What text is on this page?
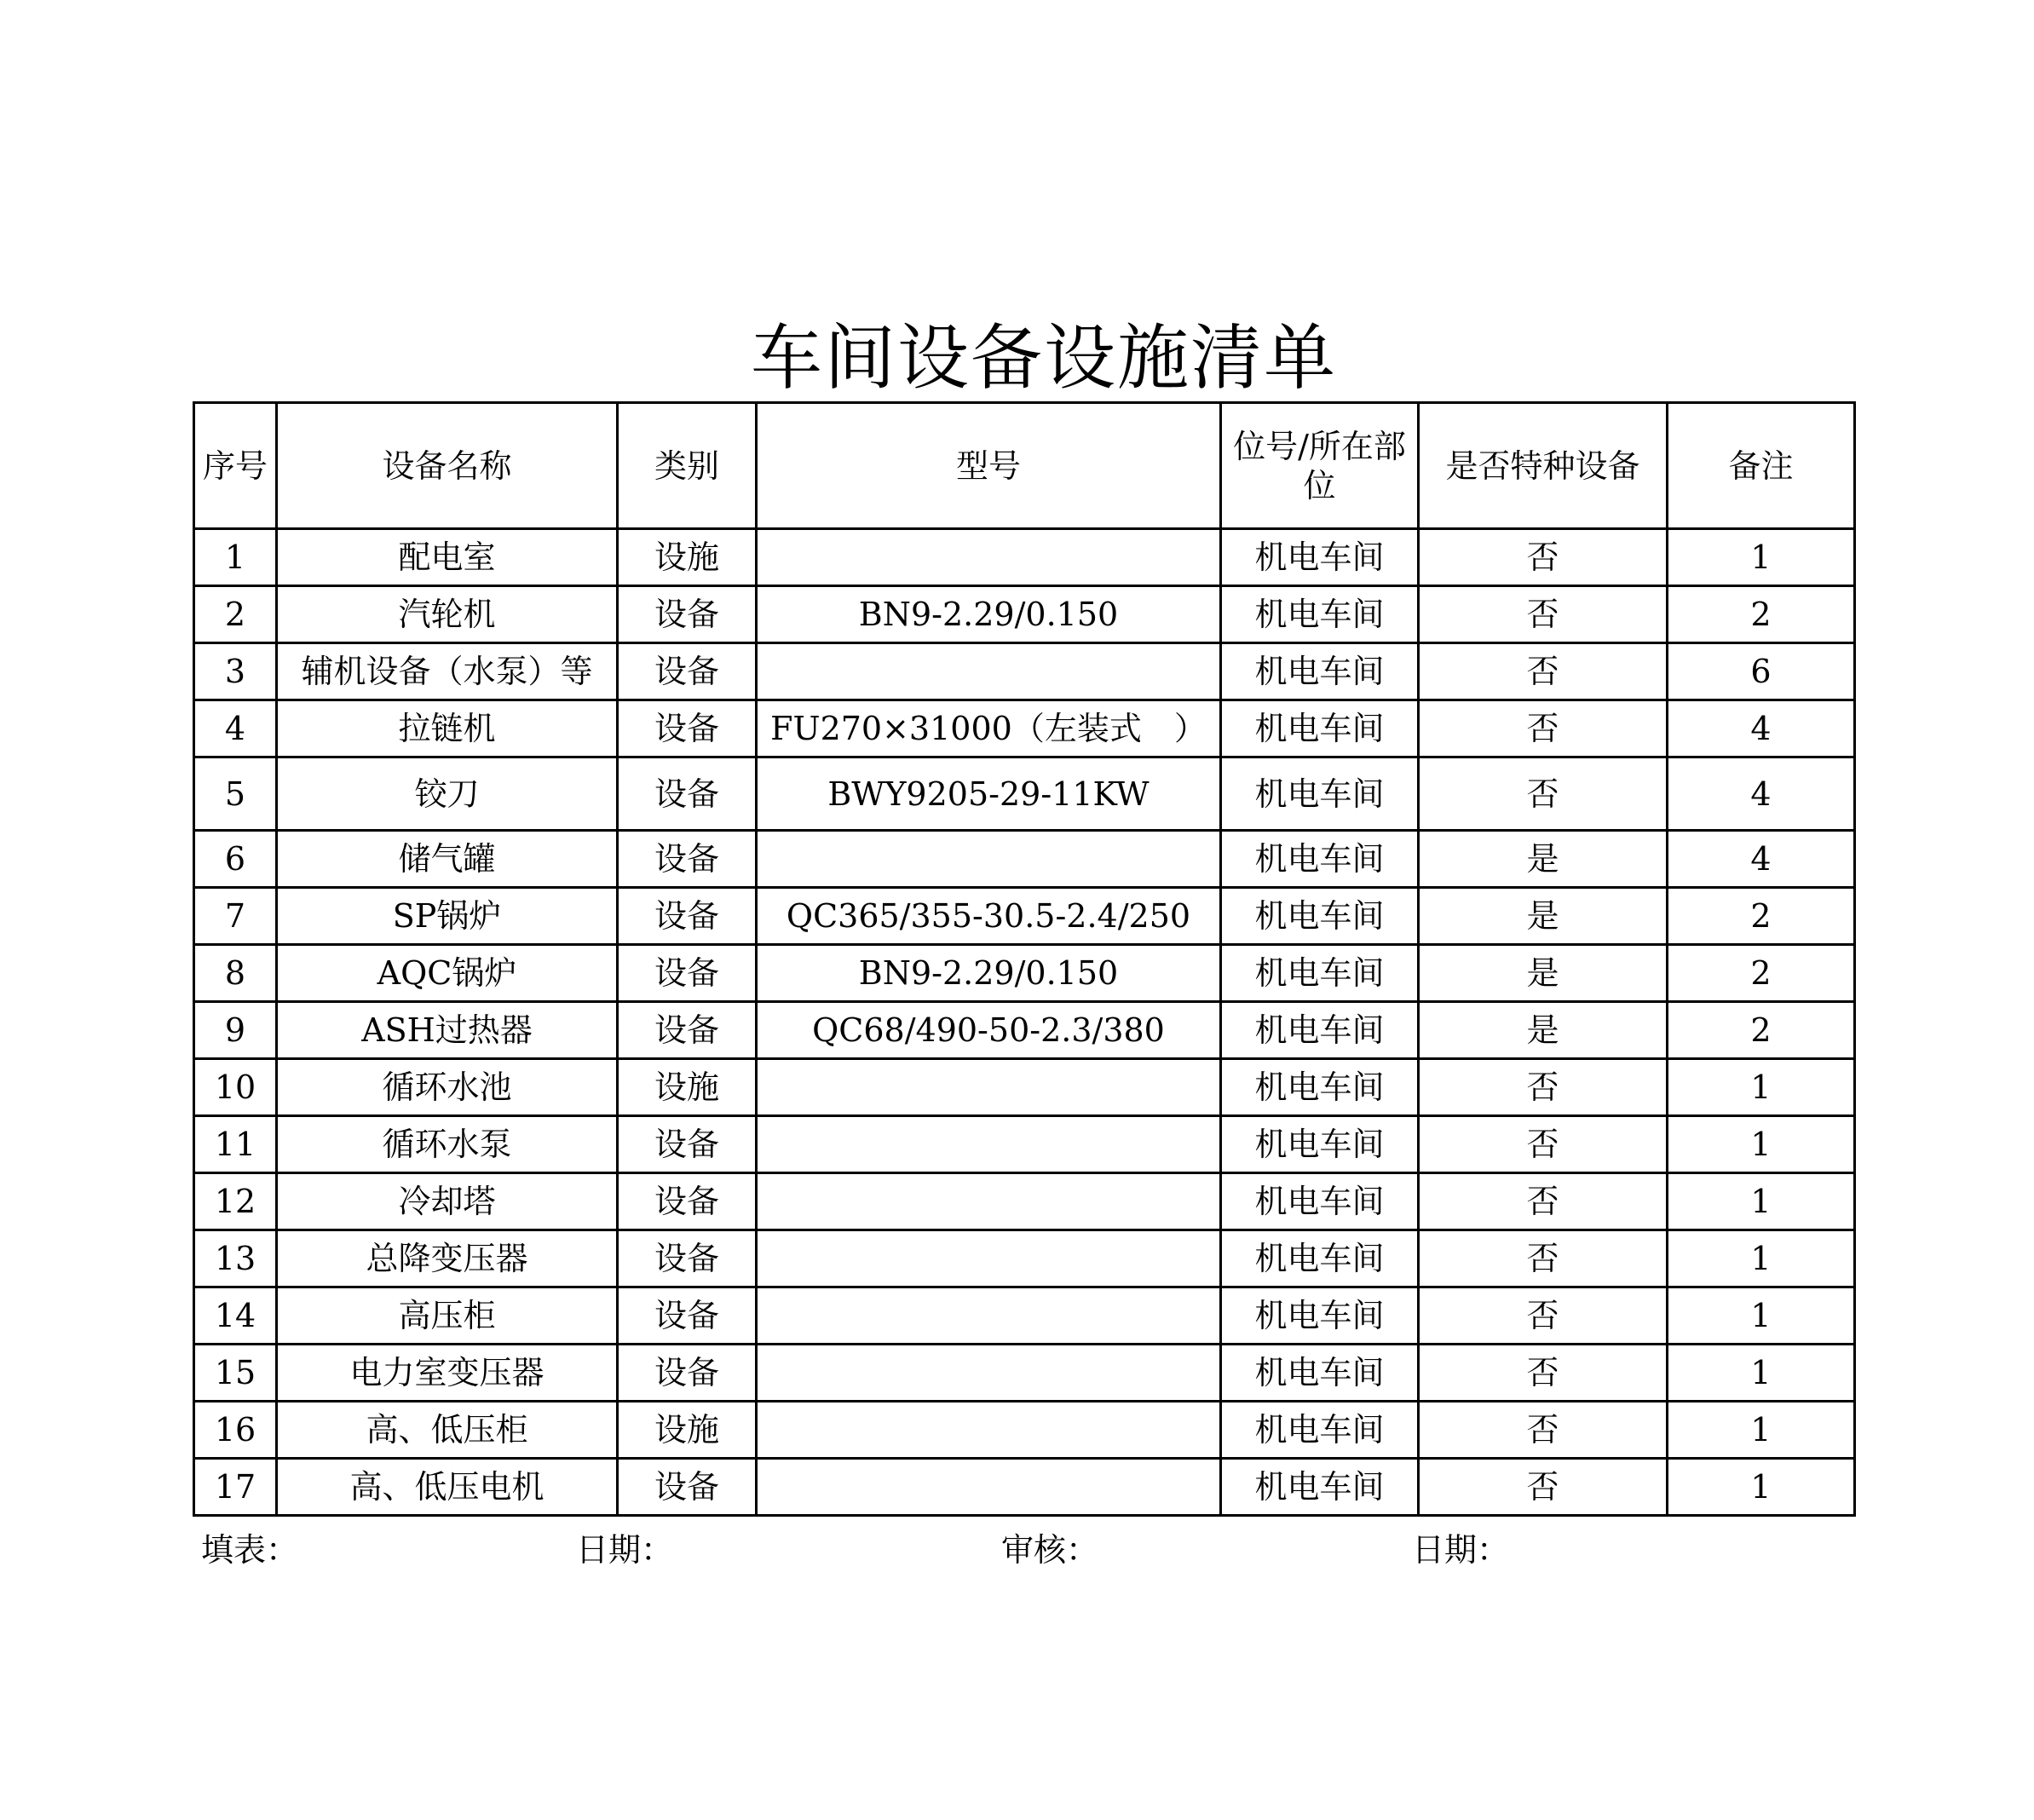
车间设备设施清单
序号	设备名称	类别	型号	位号/所在部位	是否特种设备	备注
1	配电室	设施		机电车间	否	1
2	汽轮机	设备	BN9-2.29/0.150	机电车间	否	2
3	辅机设备（水泵）等	设备		机电车间	否	6
4	拉链机	设备	FU270×31000（左装式　）	机电车间	否	4
5	铰刀	设备	BWY9205-29-11KW	机电车间	否	4
6	储气罐	设备		机电车间	是	4
7	SP锅炉	设备	QC365/355-30.5-2.4/250	机电车间	是	2
8	AQC锅炉	设备	BN9-2.29/0.150	机电车间	是	2
9	ASH过热器	设备	QC68/490-50-2.3/380	机电车间	是	2
10	循环水池	设施		机电车间	否	1
11	循环水泵	设备		机电车间	否	1
12	冷却塔	设备		机电车间	否	1
13	总降变压器	设备		机电车间	否	1
14	高压柜	设备		机电车间	否	1
15	电力室变压器	设备		机电车间	否	1
16	高、低压柜	设施		机电车间	否	1
17	高、低压电机	设备		机电车间	否	1
填表：	日期：	审核：	日期：
